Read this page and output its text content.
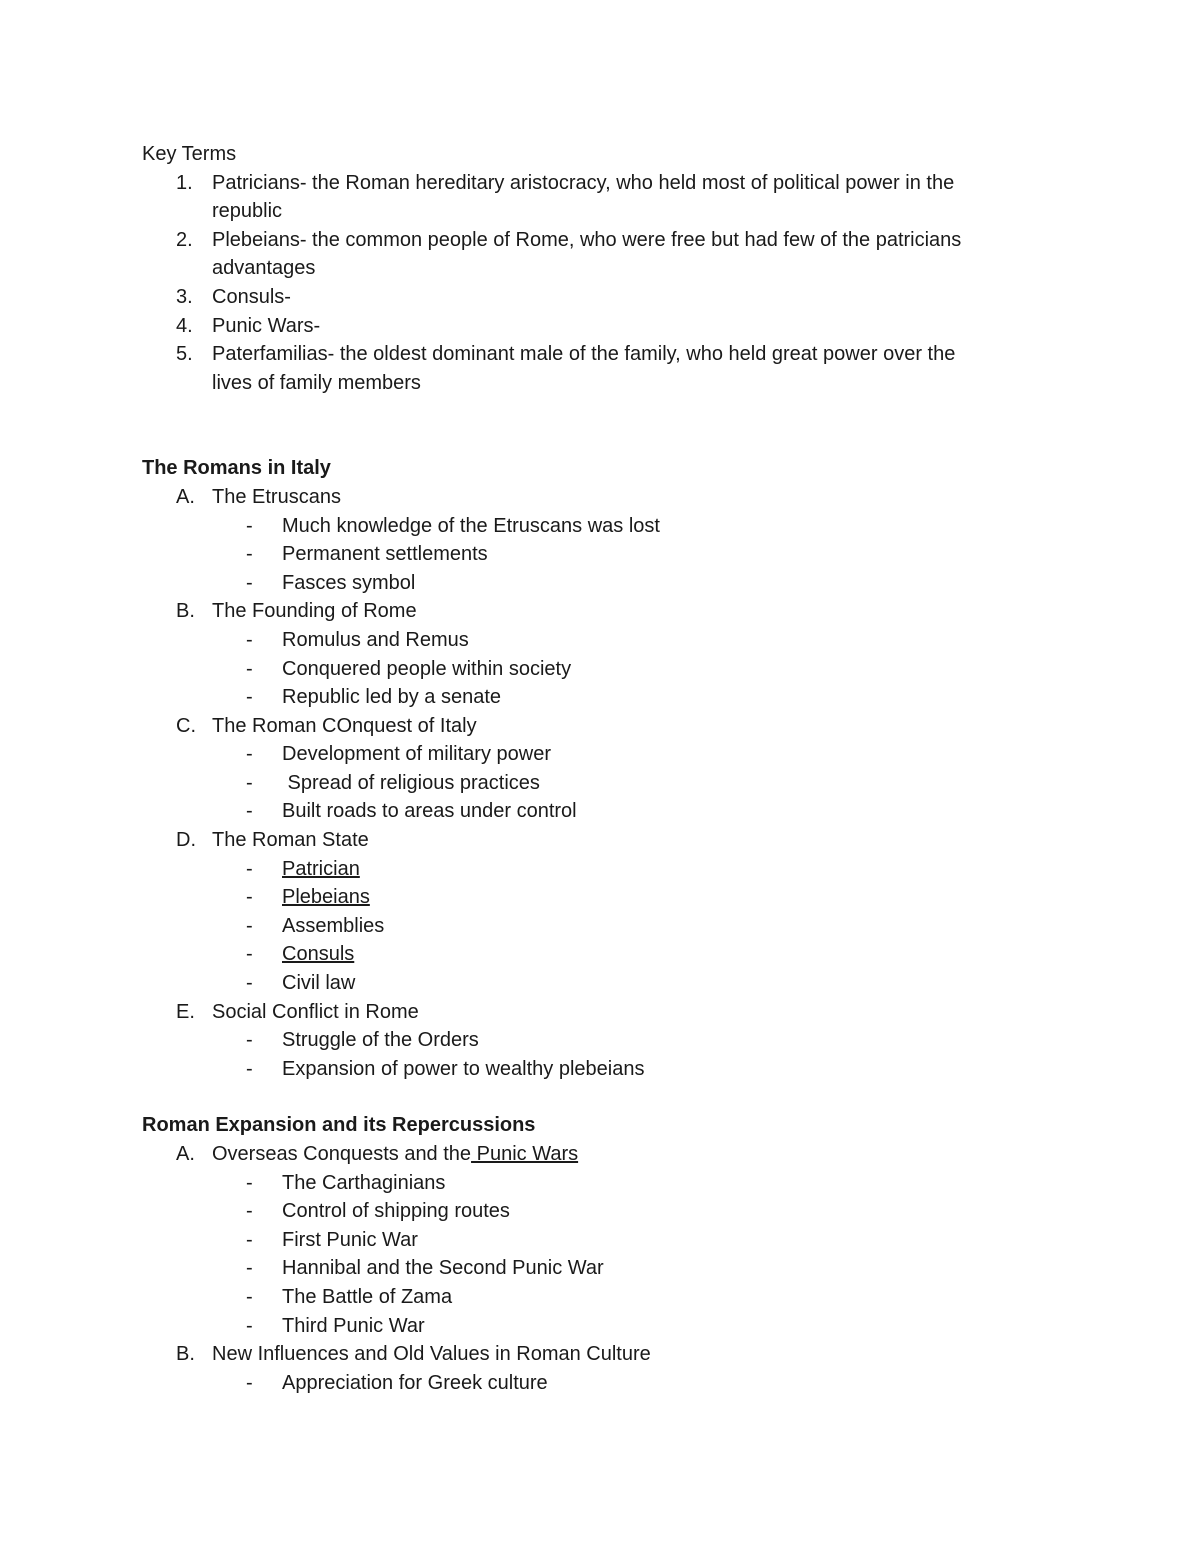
Key Terms
1. Patricians- the Roman hereditary aristocracy, who held most of political power in the
republic
2. Plebeians- the common people of Rome, who were free but had few of the patricians
advantages
3. Consuls-
4. Punic Wars-
5. Paterfamilias- the oldest dominant male of the family, who held great power over the
lives of family members
The Romans in Italy
A. The Etruscans
- Much knowledge of the Etruscans was lost
- Permanent settlements
- Fasces symbol
B. The Founding of Rome
- Romulus and Remus
- Conquered people within society
- Republic led by a senate
C. The Roman COnquest of Italy
- Development of military power
- Spread of religious practices
- Built roads to areas under control
D. The Roman State
- Patrician
- Plebeians
- Assemblies
- Consuls
- Civil law
E. Social Conflict in Rome
- Struggle of the Orders
- Expansion of power to wealthy plebeians
Roman Expansion and its Repercussions
A. Overseas Conquests and the Punic Wars
- The Carthaginians
- Control of shipping routes
- First Punic War
- Hannibal and the Second Punic War
- The Battle of Zama
- Third Punic War
B. New Influences and Old Values in Roman Culture
- Appreciation for Greek culture
